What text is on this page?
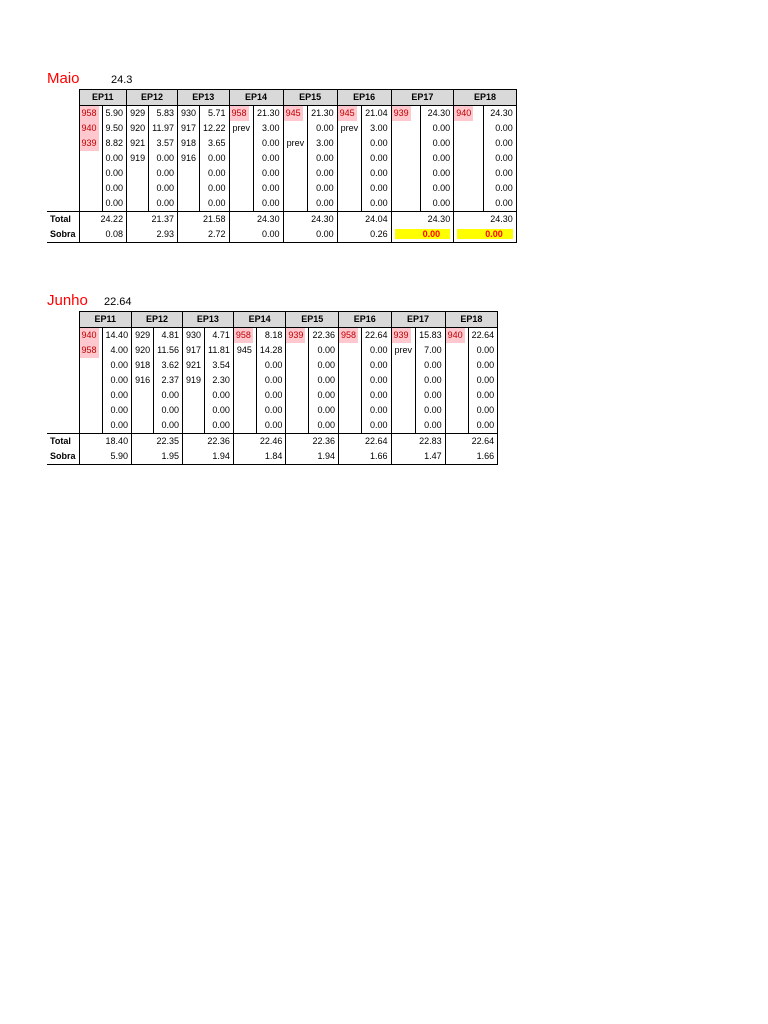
Maio	24.3
	EP11		EP12		EP13		EP14		EP15		EP16		EP17		EP18	
	958	5.90	929	5.83	930	5.71	958	21.30	945	21.30	945	21.04	939	24.30	940	24.30
	940	9.50	920	11.97	917	12.22	prev	3.00		0.00	prev	3.00		0.00		0.00
	939	8.82	921	3.57	918	3.65		0.00	prev	3.00		0.00		0.00		0.00
		0.00	919	0.00	916	0.00		0.00		0.00		0.00		0.00		0.00
		0.00		0.00		0.00		0.00		0.00		0.00		0.00		0.00
		0.00		0.00		0.00		0.00		0.00		0.00		0.00		0.00
		0.00		0.00		0.00		0.00		0.00		0.00		0.00		0.00
Total	24.22		21.37		21.58		24.30		24.30		24.04		24.30		24.30	
Sobra	0.08		2.93		2.72		0.00		0.00		0.26		0.00		0.00	
Junho 22.64
	EP11		EP12		EP13		EP14		EP15		EP16		EP17		EP18	
	940	14.40	929	4.81	930	4.71	958	8.18	939	22.36	958	22.64	939	15.83	940	22.64
	958	4.00	920	11.56	917	11.81	945	14.28		0.00		0.00	prev	7.00		0.00
		0.00	918	3.62	921	3.54		0.00		0.00		0.00		0.00		0.00
		0.00	916	2.37	919	2.30		0.00		0.00		0.00		0.00		0.00
		0.00		0.00		0.00		0.00		0.00		0.00		0.00		0.00
		0.00		0.00		0.00		0.00		0.00		0.00		0.00		0.00
		0.00		0.00		0.00		0.00		0.00		0.00		0.00		0.00
Total	18.40		22.35		22.36		22.46		22.36		22.64		22.83		22.64	
Sobra	5.90		1.95		1.94		1.84		1.94		1.66		1.47		1.66	
